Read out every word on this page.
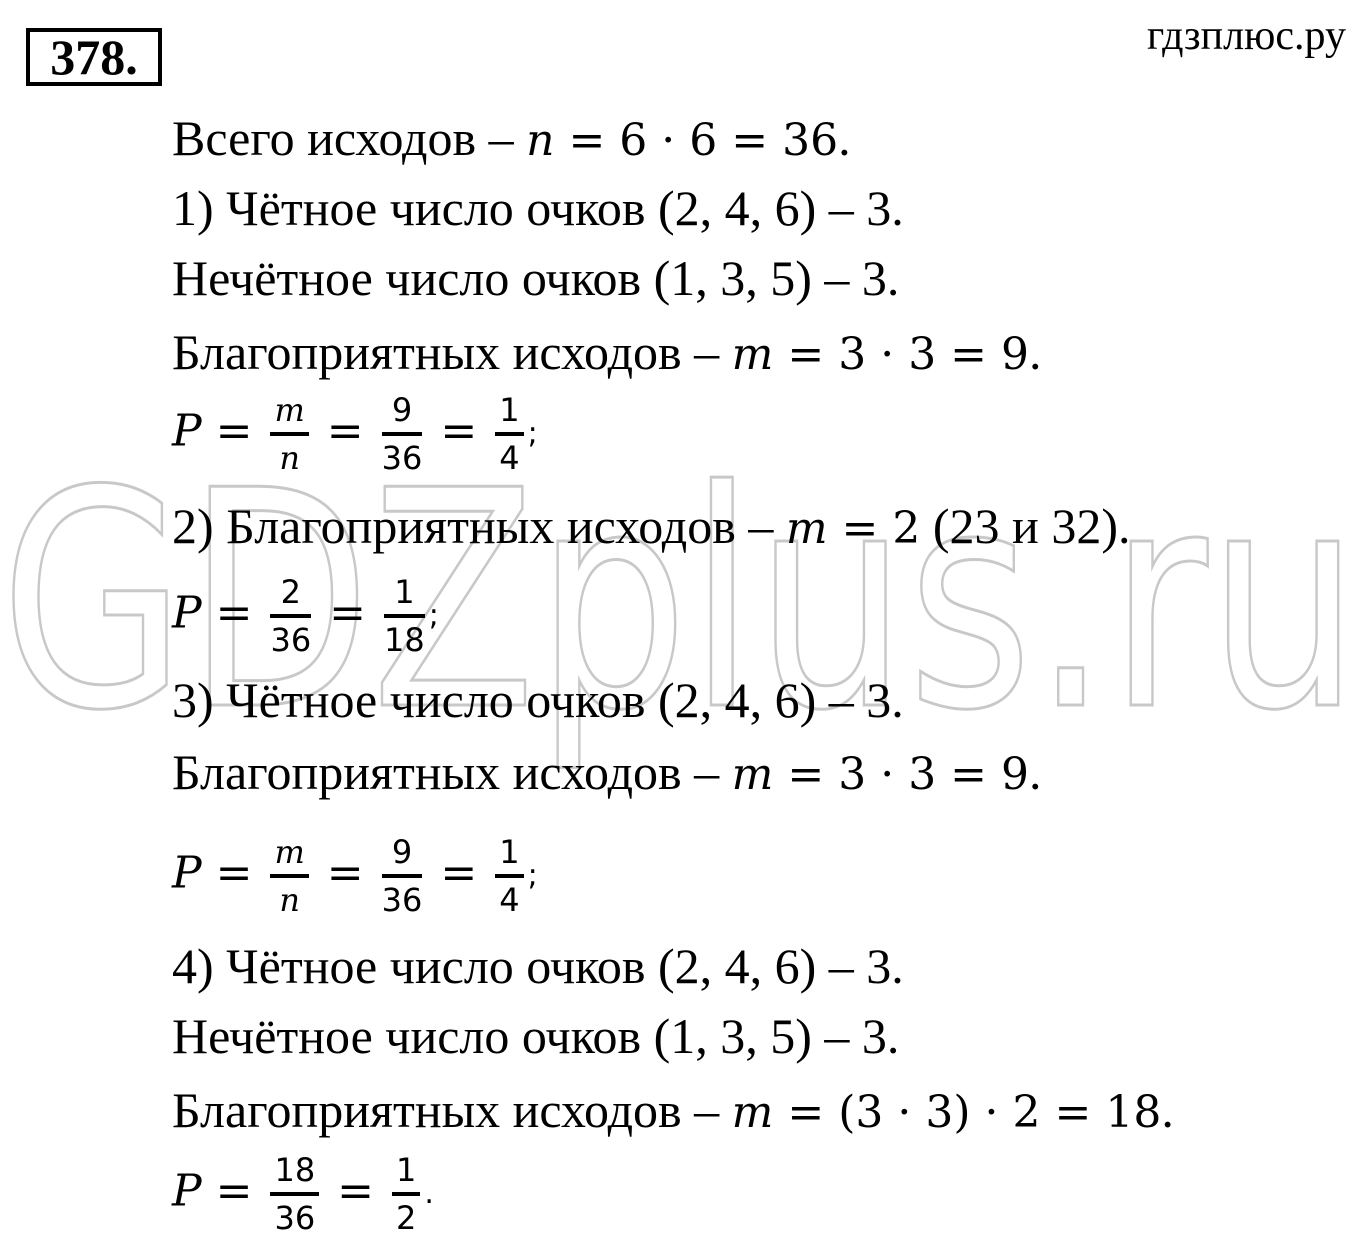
GDZplus.ru
378.	гдзплюс.ру
Всего исходов – n = 6 · 6 = 36.
1) Чётное число очков (2, 4, 6) – 3.
Нечётное число очков (1, 3, 5) – 3.
Благоприятных исходов – m = 3 · 3 = 9.
$P = \frac{m}{n} = \frac{9}{36} = \frac{1}{4}$ ;
2) Благоприятных исходов – m = 2 (23 и 32).
$P = \frac{2}{36} = \frac{1}{18}$ ;
3) Чётное число очков (2, 4, 6) – 3.
Благоприятных исходов – m = 3 · 3 = 9.
$P = \frac{m}{n} = \frac{9}{36} = \frac{1}{4}$ ;
4) Чётное число очков (2, 4, 6) – 3.
Нечётное число очков (1, 3, 5) – 3.
Благоприятных исходов – m = (3 · 3) · 2 = 18.
$P = \frac{18}{36} = \frac{1}{2}$ .
